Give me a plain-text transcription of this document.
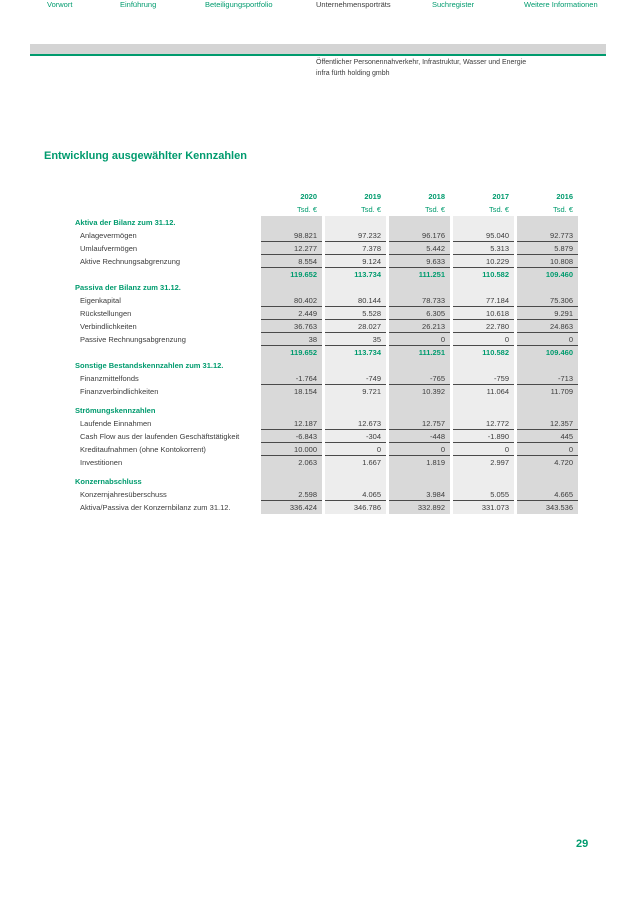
Vorwort	Einführung	Beteiligungsportfolio	Unternehmensporträts	Suchregister	Weitere Informationen
Öffentlicher Personennahverkehr, Infrastruktur, Wasser und Energie
infra fürth holding gmbh
Entwicklung ausgewählter Kennzahlen
2020	2019	2018	2017	2016
Tsd. €	Tsd. €	Tsd. €	Tsd. €	Tsd. €
Aktiva der Bilanz zum 31.12.
Anlagevermögen	98.821	97.232	96.176	95.040	92.773
Umlaufvermögen	12.277	7.378	5.442	5.313	5.879
Aktive Rechnungsabgrenzung	8.554	9.124	9.633	10.229	10.808
119.652	113.734	111.251	110.582	109.460
Passiva der Bilanz zum 31.12.
Eigenkapital	80.402	80.144	78.733	77.184	75.306
Rückstellungen	2.449	5.528	6.305	10.618	9.291
Verbindlichkeiten	36.763	28.027	26.213	22.780	24.863
Passive Rechnungsabgrenzung	38	35	0	0	0
119.652	113.734	111.251	110.582	109.460
Sonstige Bestandskennzahlen zum 31.12.
Finanzmittelfonds	-1.764	-749	-765	-759	-713
Finanzverbindlichkeiten	18.154	9.721	10.392	11.064	11.709
Strömungskennzahlen
Laufende Einnahmen	12.187	12.673	12.757	12.772	12.357
Cash Flow aus der laufenden Geschäftstätigkeit	-6.843	-304	-448	-1.890	445
Kreditaufnahmen (ohne Kontokorrent)	10.000	0	0	0	0
Investitionen	2.063	1.667	1.819	2.997	4.720
Konzernabschluss
Konzernjahresüberschuss	2.598	4.065	3.984	5.055	4.665
Aktiva/Passiva der Konzernbilanz zum 31.12.	336.424	346.786	332.892	331.073	343.536
29
